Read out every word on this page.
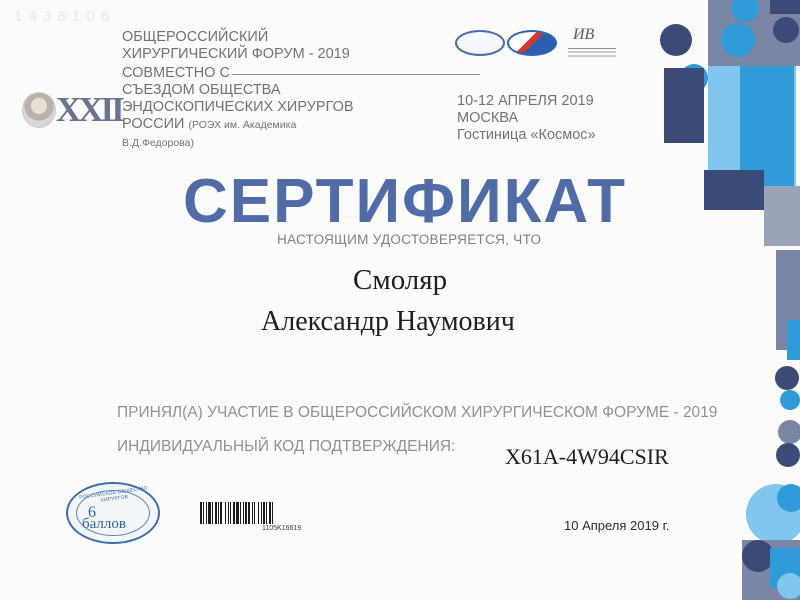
1 4 3 8 1 0 6
ОБЩЕРОССИЙСКИЙ
ХИРУРГИЧЕСКИЙ ФОРУМ - 2019
СОВМЕСТНО С
СЪЕЗДОМ ОБЩЕСТВА
ЭНДОСКОПИЧЕСКИХ ХИРУРГОВ
РОССИИ (РОЭХ им. Академика В.Д.Федорова)
XXII
ИВ
10-12 АПРЕЛЯ 2019
МОСКВА
Гостиница «Космос»
СЕРТИФИКАТ
НАСТОЯЩИМ УДОСТОВЕРЯЕТСЯ, ЧТО
Смоляр
Александр Наумович
ПРИНЯЛ(А) УЧАСТИЕ В ОБЩЕРОССИЙСКОМ ХИРУРГИЧЕСКОМ ФОРУМЕ - 2019
ИНДИВИДУАЛЬНЫЙ КОД ПОДТВЕРЖДЕНИЯ: X61A-4W94CSIR
РОССИЙСКОЕ ОБЩЕСТВО ХИРУРГОВ
6
баллов	1105K16619	10 Апреля 2019 г.
